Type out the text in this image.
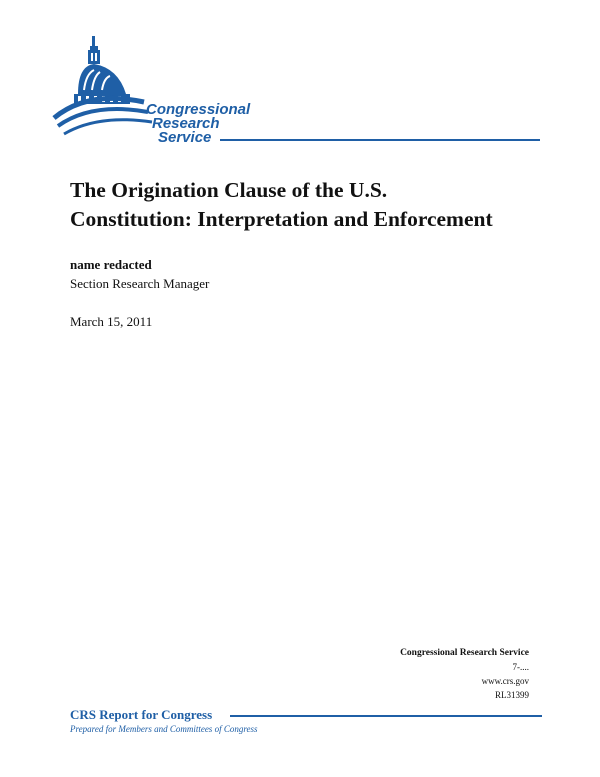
Congressional
Research
Service
The Origination Clause of the U.S.
Constitution: Interpretation and Enforcement
name redacted
Section Research Manager
March 15, 2011
Congressional Research Service
7-....
www.crs.gov
RL31399
CRS Report for Congress
Prepared for Members and Committees of Congress
